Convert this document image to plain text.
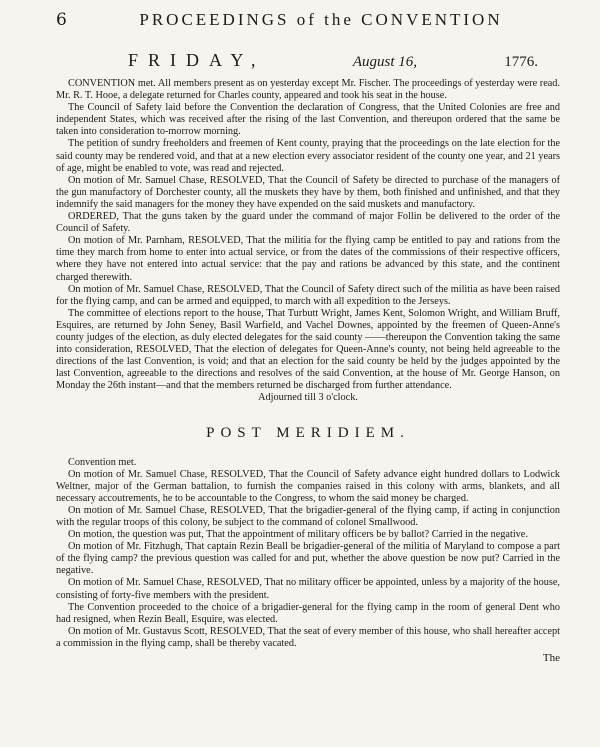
6	PROCEEDINGS of the CONVENTION
FRIDAY,	August 16,	1776.

CONVENTION met. All members present as on yesterday except Mr. Fischer. The proceedings of yesterday were read. Mr. R. T. Hooe, a delegate returned for Charles county, appeared and took his seat in the house.

The Council of Safety laid before the Convention the declaration of Congress, that the United Colonies are free and independent States, which was received after the rising of the last Convention, and thereupon ordered that the same be taken into consideration to-morrow morning.

The petition of sundry freeholders and freemen of Kent county, praying that the proceedings on the late election for the said county may be rendered void, and that at a new election every associator resident of the county one year, and 21 years of age, might be enabled to vote, was read and rejected.

On motion of Mr. Samuel Chase, RESOLVED, That the Council of Safety be directed to purchase of the managers of the gun manufactory of Dorchester county, all the muskets they have by them, both finished and unfinished, and that they indemnify the said managers for the money they have expended on the said muskets and manufactory.

ORDERED, That the guns taken by the guard under the command of major Follin be delivered to the order of the Council of Safety.

On motion of Mr. Parnham, RESOLVED, That the militia for the flying camp be entitled to pay and rations from the time they march from home to enter into actual service, or from the dates of the commissions of their respective officers, where they have not entered into actual service: that the pay and rations be advanced by this state, and the continent charged therewith.

On motion of Mr. Samuel Chase, RESOLVED, That the Council of Safety direct such of the militia as have been raised for the flying camp, and can be armed and equipped, to march with all expedition to the Jerseys.

The committee of elections report to the house, That Turbutt Wright, James Kent, Solomon Wright, and William Bruff, Esquires, are returned by John Seney, Basil Warfield, and Vachel Downes, appointed by the freemen of Queen-Anne's county judges of the election, as duly elected delegates for the said county ——thereupon the Convention taking the same into consideration, RESOLVED, That the election of delegates for Queen-Anne's county, not being held agreeable to the directions of the last Convention, is void; and that an election for the said county be held by the judges appointed by the last Convention, agreeable to the directions and resolves of the said Convention, at the house of Mr. George Hanson, on Monday the 26th instant—and that the members returned be discharged from further attendance.

Adjourned till 3 o'clock.

POST MERIDIEM.

Convention met.

On motion of Mr. Samuel Chase, RESOLVED, That the Council of Safety advance eight hundred dollars to Lodwick Weltner, major of the German battalion, to furnish the companies raised in this colony with arms, blankets, and all necessary accoutrements, he to be accountable to the Congress, to whom the said money be charged.

On motion of Mr. Samuel Chase, RESOLVED, That the brigadier-general of the flying camp, if acting in conjunction with the regular troops of this colony, be subject to the command of colonel Smallwood.

On motion, the question was put, That the appointment of military officers be by ballot? Carried in the negative.

On motion of Mr. Fitzhugh, That captain Rezin Beall be brigadier-general of the militia of Maryland to compose a part of the flying camp? the previous question was called for and put, whether the above question be now put? Carried in the negative.

On motion of Mr. Samuel Chase, RESOLVED, That no military officer be appointed, unless by a majority of the house, consisting of forty-five members with the president.

The Convention proceeded to the choice of a brigadier-general for the flying camp in the room of general Dent who had resigned, when Rezin Beall, Esquire, was elected.

On motion of Mr. Gustavus Scott, RESOLVED, That the seat of every member of this house, who shall hereafter accept a commission in the flying camp, shall be thereby vacated.

The
